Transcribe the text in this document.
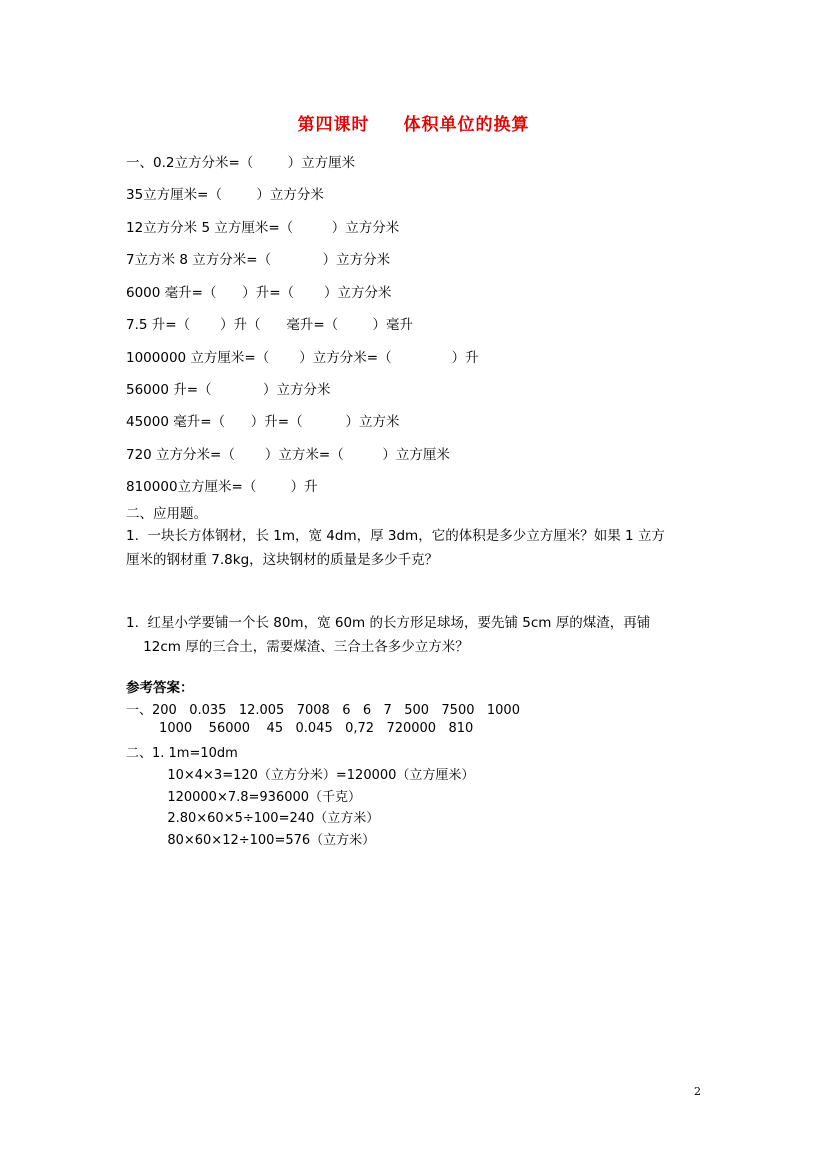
第四课时 体积单位的换算
一、0.2立方分米=（        ）立方厘米
35立方厘米=（        ）立方分米
12立方分米 5 立方厘米=（         ）立方分米
7立方米 8 立方分米=（            ）立方分米
6000 毫升=（      ）升=（       ）立方分米
7.5 升=（       ）升（      毫升=（        ）毫升
1000000 立方厘米=（       ）立方分米=（              ）升
56000 升=（            ）立方分米
45000 毫升=（      ）升=（          ）立方米
720 立方分米=（       ）立方米=（         ）立方厘米
810000立方厘米=（        ）升
二、应用题。
1.  一块长方体钢材，长 1m，宽 4dm，厚 3dm，它的体积是多少立方厘米？如果 1 立方
厘米的钢材重 7.8kg，这块钢材的质量是多少千克？
1.  红星小学要铺一个长 80m，宽 60m 的长方形足球场，要先铺 5cm 厚的煤渣，再铺
12cm 厚的三合土，需要煤渣、三合土各多少立方米？
参考答案：
一、200   0.035   12.005   7008   6   6   7   500   7500   1000
1000    56000    45   0.045   0,72   720000   810
二、1. 1m=10dm
10×4×3=120（立方分米）=120000（立方厘米）
120000×7.8=936000（千克）
2.80×60×5÷100=240（立方米）
80×60×12÷100=576（立方米）
2
